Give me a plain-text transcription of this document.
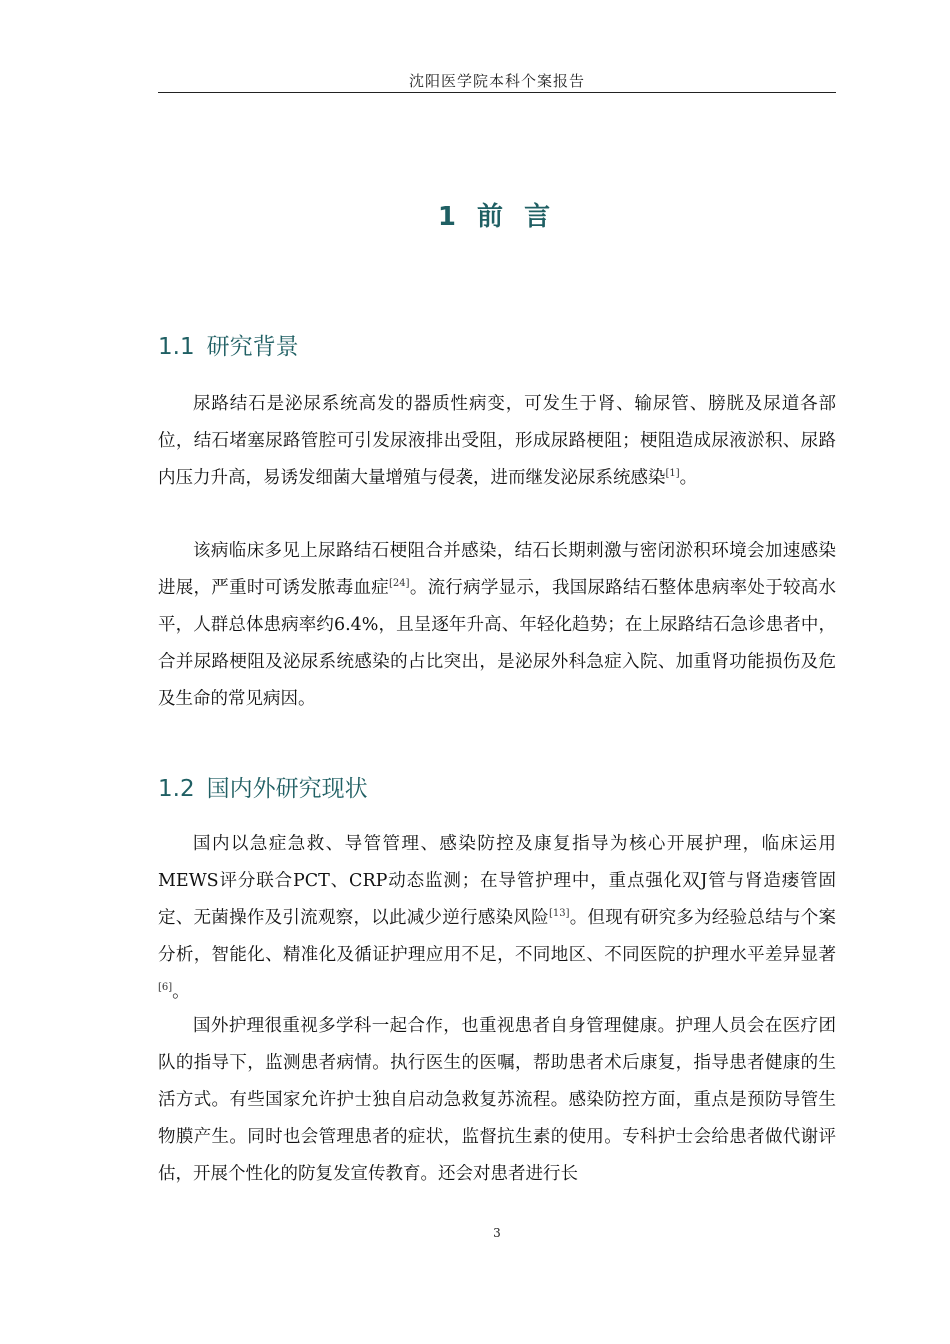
沈阳医学院本科个案报告
1 前 言
1.1 研究背景

尿路结石是泌尿系统高发的器质性病变，可发生于肾、输尿管、膀胱及尿道各部位，结石堵塞尿路管腔可引发尿液排出受阻，形成尿路梗阻；梗阻造成尿液淤积、尿路内压力升高，易诱发细菌大量增殖与侵袭，进而继发泌尿系统感染[1]。

该病临床多见上尿路结石梗阻合并感染，结石长期刺激与密闭淤积环境会加速感染进展，严重时可诱发脓毒血症[24]。流行病学显示，我国尿路结石整体患病率处于较高水平，人群总体患病率约6.4%，且呈逐年升高、年轻化趋势；在上尿路结石急诊患者中，合并尿路梗阻及泌尿系统感染的占比突出，是泌尿外科急症入院、加重肾功能损伤及危及生命的常见病因。

1.2 国内外研究现状

国内以急症急救、导管管理、感染防控及康复指导为核心开展护理，临床运用MEWS评分联合PCT、CRP动态监测；在导管护理中，重点强化双J管与肾造瘘管固定、无菌操作及引流观察，以此减少逆行感染风险[13]。但现有研究多为经验总结与个案分析，智能化、精准化及循证护理应用不足，不同地区、不同医院的护理水平差异显著[6]。

国外护理很重视多学科一起合作，也重视患者自身管理健康。护理人员会在医疗团队的指导下，监测患者病情。执行医生的医嘱，帮助患者术后康复，指导患者健康的生活方式。有些国家允许护士独自启动急救复苏流程。感染防控方面，重点是预防导管生物膜产生。同时也会管理患者的症状，监督抗生素的使用。专科护士会给患者做代谢评估，开展个性化的防复发宣传教育。还会对患者进行长

3
